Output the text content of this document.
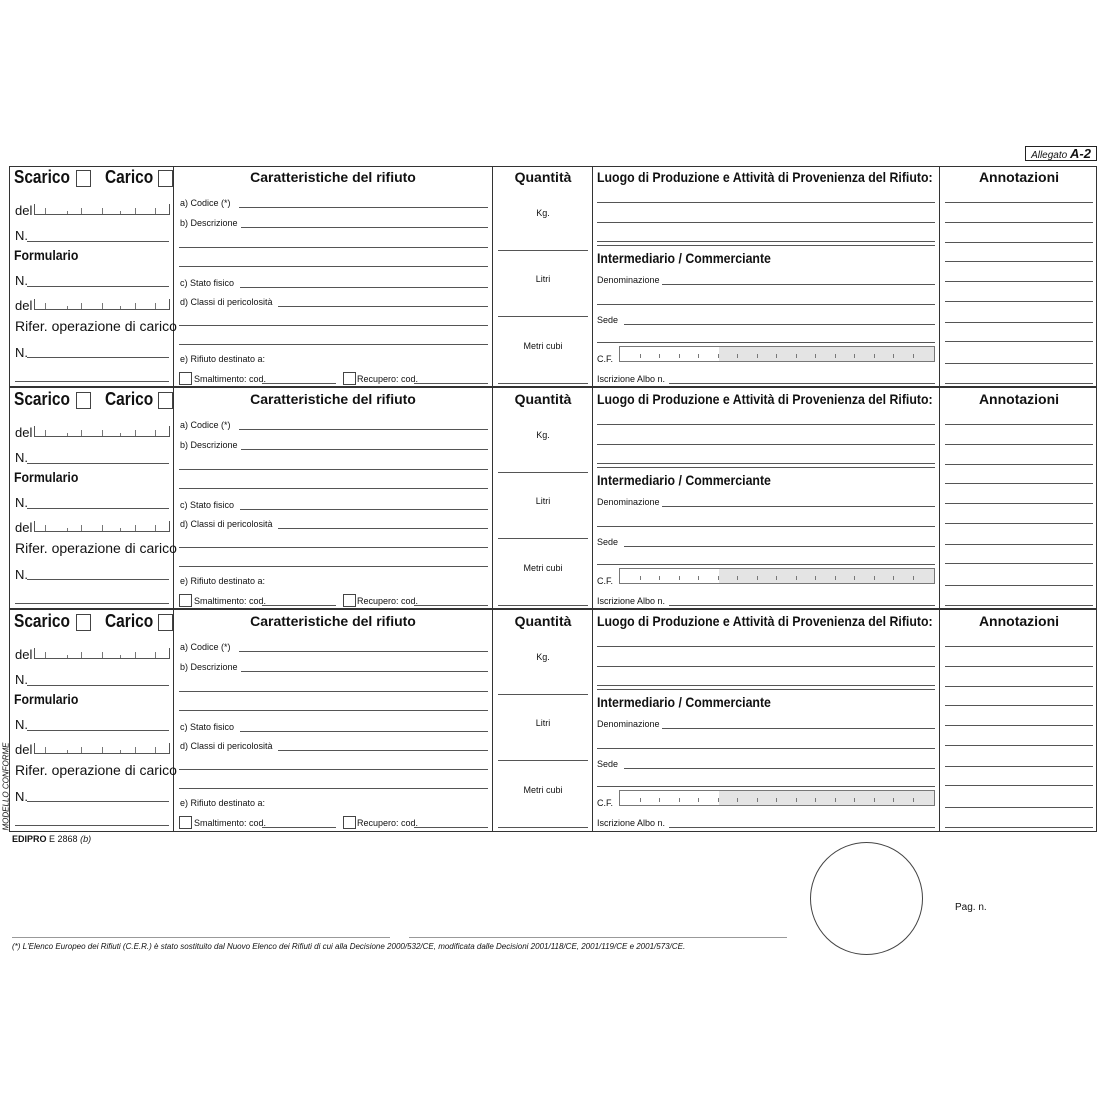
Allegato A-2
Scarico Carico
del
N.
Formulario
N.
del
Rifer. operazione di carico
N.
Caratteristiche del rifiuto
a) Codice (*)
b) Descrizione
c) Stato fisico
d) Classi di pericolosità
e) Rifiuto destinato a:
Smaltimento: cod.	Recupero: cod.
Quantità
Kg.
Litri
Metri cubi
Luogo di Produzione e Attività di Provenienza del Rifiuto:
Intermediario / Commerciante
Denominazione
Sede
C.F.
Iscrizione Albo n.
Annotazioni
Scarico Carico
del
N.
Formulario
N.
del
Rifer. operazione di carico
N.
Caratteristiche del rifiuto
a) Codice (*)
b) Descrizione
c) Stato fisico
d) Classi di pericolosità
e) Rifiuto destinato a:
Smaltimento: cod.	Recupero: cod.
Quantità
Kg.
Litri
Metri cubi
Luogo di Produzione e Attività di Provenienza del Rifiuto:
Intermediario / Commerciante
Denominazione
Sede
C.F.
Iscrizione Albo n.
Annotazioni
Scarico Carico
del
N.
Formulario
N.
del
Rifer. operazione di carico
N.
Caratteristiche del rifiuto
a) Codice (*)
b) Descrizione
c) Stato fisico
d) Classi di pericolosità
e) Rifiuto destinato a:
Smaltimento: cod.	Recupero: cod.
Quantità
Kg.
Litri
Metri cubi
Luogo di Produzione e Attività di Provenienza del Rifiuto:
Intermediario / Commerciante
Denominazione
Sede
C.F.
Iscrizione Albo n.
Annotazioni
MODELLO CONFORME
EDIPRO E 2868 (b)
Pag. n.
(*) L'Elenco Europeo dei Rifiuti (C.E.R.) è stato sostituito dal Nuovo Elenco dei Rifiuti di cui alla Decisione 2000/532/CE, modificata dalle Decisioni 2001/118/CE, 2001/119/CE e 2001/573/CE.
